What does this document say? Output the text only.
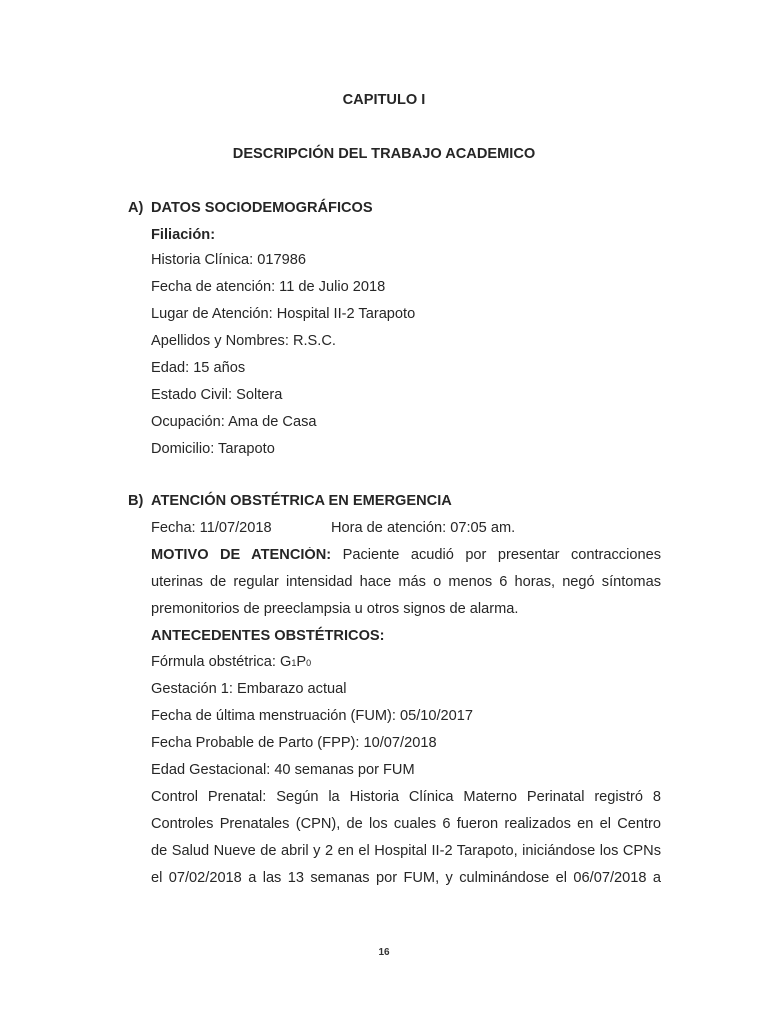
CAPITULO I
DESCRIPCIÓN DEL TRABAJO ACADEMICO
A) DATOS SOCIODEMOGRÁFICOS
Filiación:
Historia Clínica: 017986
Fecha de atención: 11 de Julio 2018
Lugar de Atención: Hospital II-2 Tarapoto
Apellidos y Nombres: R.S.C.
Edad: 15 años
Estado Civil: Soltera
Ocupación: Ama de Casa
Domicilio: Tarapoto
B) ATENCIÓN OBSTÉTRICA EN EMERGENCIA
Fecha: 11/07/2018	Hora de atención: 07:05 am.
MOTIVO DE ATENCIÓN: Paciente acudió por presentar contracciones
uterinas de regular intensidad hace más o menos 6 horas, negó síntomas
premonitorios de preeclampsia u otros signos de alarma.
ANTECEDENTES OBSTÉTRICOS:
Fórmula obstétrica: G1P0
Gestación 1: Embarazo actual
Fecha de última menstruación (FUM): 05/10/2017
Fecha Probable de Parto (FPP): 10/07/2018
Edad Gestacional: 40 semanas por FUM
Control Prenatal: Según la Historia Clínica Materno Perinatal registró 8
Controles Prenatales (CPN), de los cuales 6 fueron realizados en el Centro
de Salud Nueve de abril y 2 en el Hospital II-2 Tarapoto, iniciándose los CPNs
el 07/02/2018 a las 13 semanas por FUM, y culminándose el 06/07/2018 a
16
